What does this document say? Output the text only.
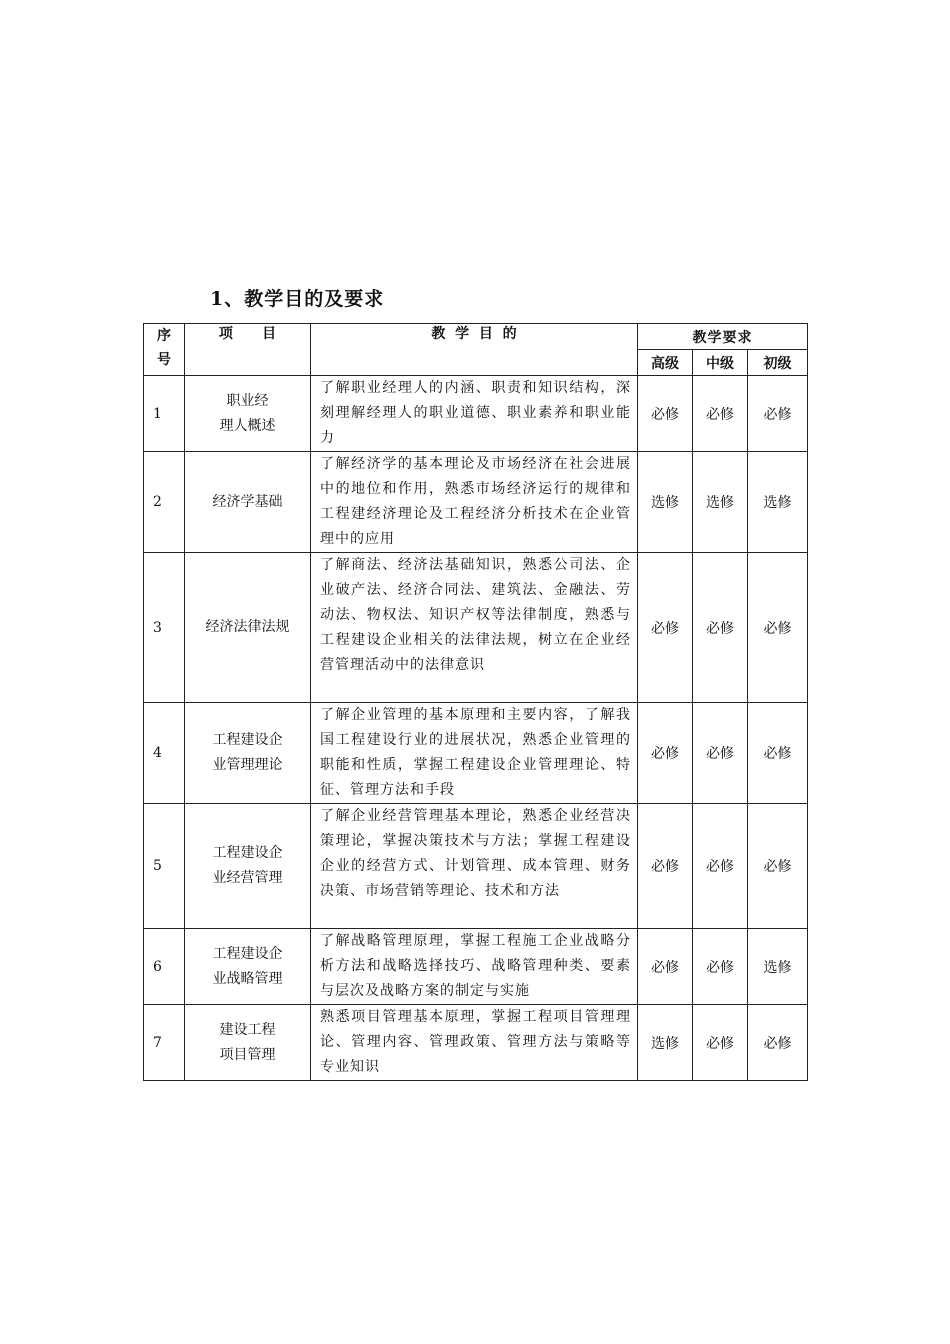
1、教学目的及要求
序
号	项      目	教  学  目  的	教学要求		
			高级	中级	初级
1	职业经
理人概述	了解职业经理人的内涵、职责和知识结构，深刻理解经理人的职业道德、职业素养和职业能力	必修	必修	必修
2	经济学基础	了解经济学的基本理论及市场经济在社会进展中的地位和作用，熟悉市场经济运行的规律和工程建经济理论及工程经济分析技术在企业管理中的应用	选修	选修	选修
3	经济法律法规	了解商法、经济法基础知识，熟悉公司法、企业破产法、经济合同法、建筑法、金融法、劳动法、物权法、知识产权等法律制度，熟悉与工程建设企业相关的法律法规，树立在企业经营管理活动中的法律意识	必修	必修	必修
4	工程建设企
业管理理论	了解企业管理的基本原理和主要内容，了解我国工程建设行业的进展状况，熟悉企业管理的职能和性质，掌握工程建设企业管理理论、特征、管理方法和手段	必修	必修	必修
5	工程建设企
业经营管理	了解企业经营管理基本理论，熟悉企业经营决策理论，掌握决策技术与方法；掌握工程建设企业的经营方式、计划管理、成本管理、财务决策、市场营销等理论、技术和方法	必修	必修	必修
6	工程建设企
业战略管理	了解战略管理原理，掌握工程施工企业战略分析方法和战略选择技巧、战略管理种类、要素与层次及战略方案的制定与实施	必修	必修	选修
7	建设工程
项目管理	熟悉项目管理基本原理，掌握工程项目管理理论、管理内容、管理政策、管理方法与策略等专业知识	选修	必修	必修
